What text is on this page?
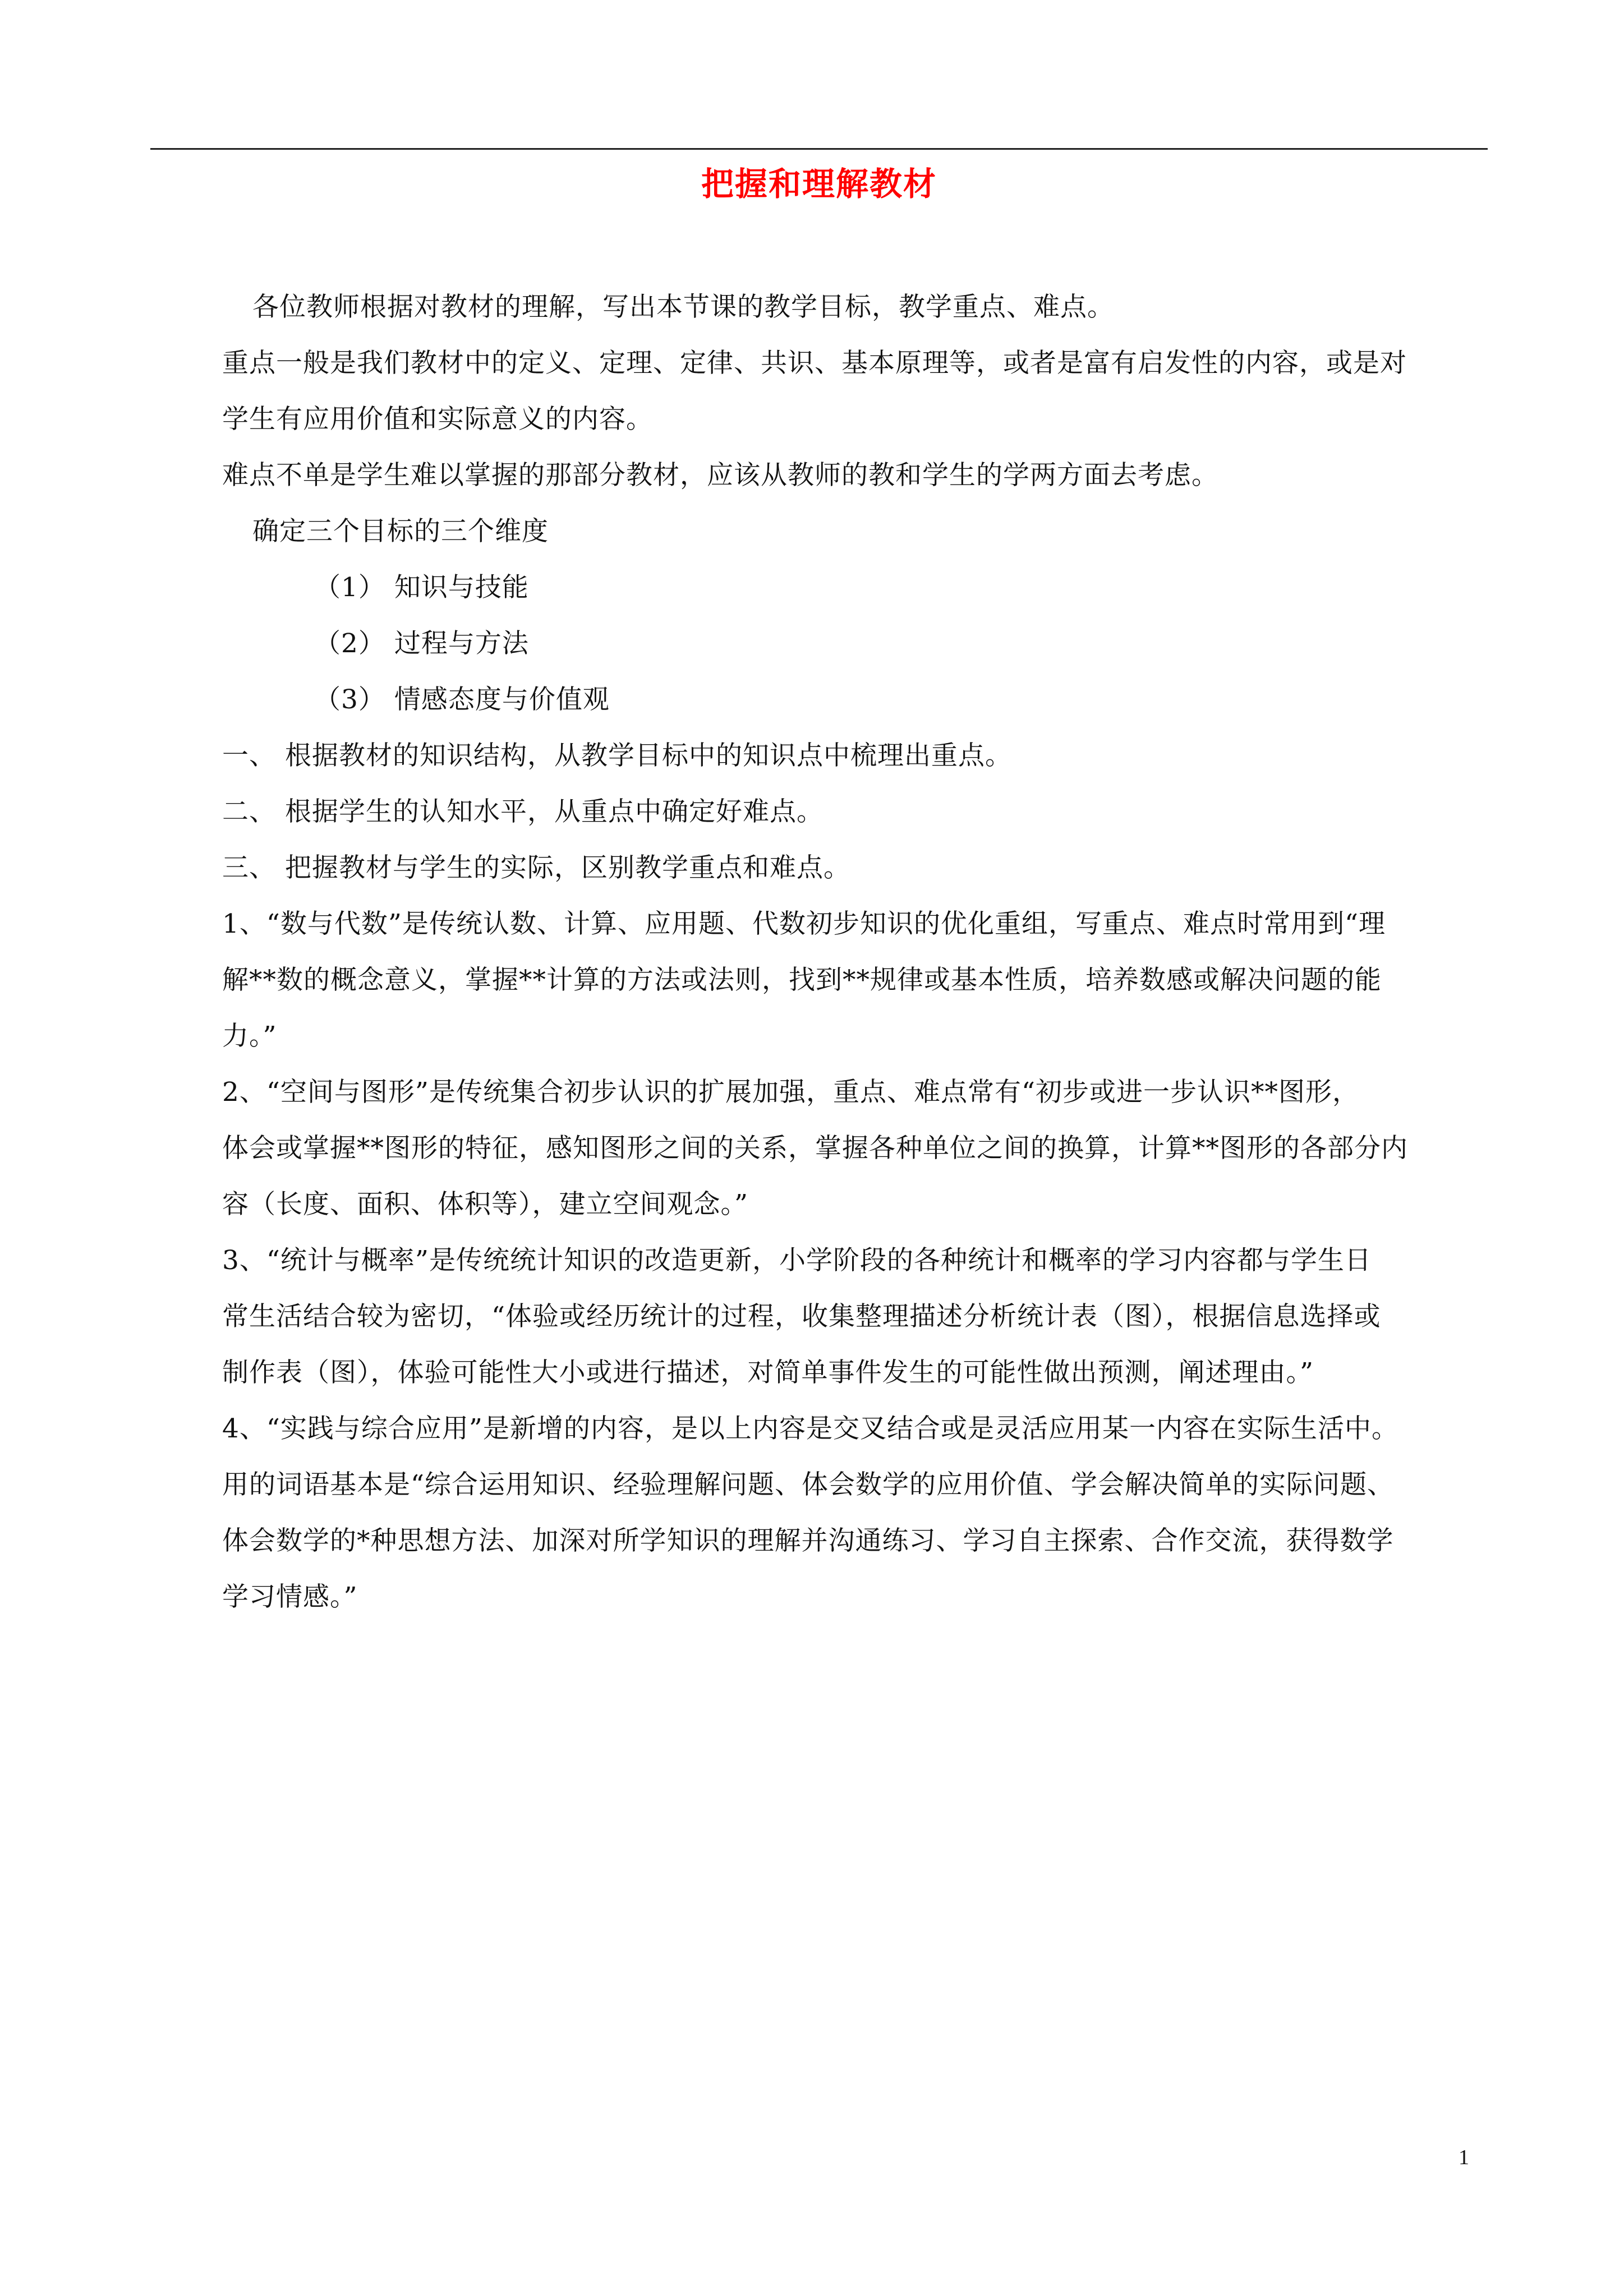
把握和理解教材
各位教师根据对教材的理解，写出本节课的教学目标，教学重点、难点。
重点一般是我们教材中的定义、定理、定律、共识、基本原理等，或者是富有启发性的内容，或是对
学生有应用价值和实际意义的内容。
难点不单是学生难以掌握的那部分教材，应该从教师的教和学生的学两方面去考虑。
确定三个目标的三个维度
（1） 知识与技能
（2） 过程与方法
（3） 情感态度与价值观
一、 根据教材的知识结构，从教学目标中的知识点中梳理出重点。
二、 根据学生的认知水平，从重点中确定好难点。
三、 把握教材与学生的实际，区别教学重点和难点。
1、“数与代数”是传统认数、计算、应用题、代数初步知识的优化重组，写重点、难点时常用到“理
解**数的概念意义，掌握**计算的方法或法则，找到**规律或基本性质，培养数感或解决问题的能
力。”
2、“空间与图形”是传统集合初步认识的扩展加强，重点、难点常有“初步或进一步认识**图形，
体会或掌握**图形的特征，感知图形之间的关系，掌握各种单位之间的换算，计算**图形的各部分内
容（长度、面积、体积等），建立空间观念。”
3、“统计与概率”是传统统计知识的改造更新，小学阶段的各种统计和概率的学习内容都与学生日
常生活结合较为密切，“体验或经历统计的过程，收集整理描述分析统计表（图），根据信息选择或
制作表（图），体验可能性大小或进行描述，对简单事件发生的可能性做出预测，阐述理由。”
4、“实践与综合应用”是新增的内容，是以上内容是交叉结合或是灵活应用某一内容在实际生活中。
用的词语基本是“综合运用知识、经验理解问题、体会数学的应用价值、学会解决简单的实际问题、
体会数学的*种思想方法、加深对所学知识的理解并沟通练习、学习自主探索、合作交流，获得数学
学习情感。”
1
